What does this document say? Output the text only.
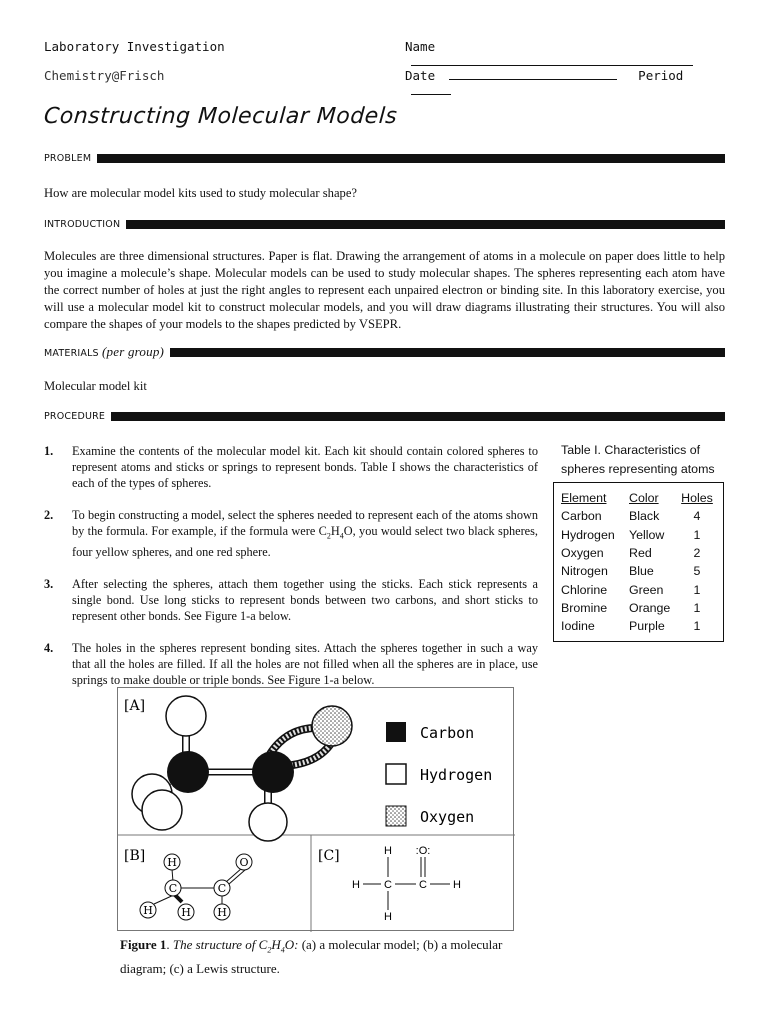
Laboratory Investigation
Chemistry@Frisch
Name
Date	Period
Constructing Molecular Models
PROBLEM
How are molecular model kits used to study molecular shape?
INTRODUCTION
Molecules are three dimensional structures. Paper is flat. Drawing the arrangement of atoms in a molecule on paper does little to help you imagine a molecule’s shape. Molecular models can be used to study molecular shapes. The spheres representing each atom have the correct number of holes at just the right angles to represent each unpaired electron or binding site. In this laboratory exercise, you will use a molecular model kit to construct molecular models, and you will draw diagrams illustrating their structures. You will also compare the shapes of your models to the shapes predicted by VSEPR.
MATERIALS (per group)
Molecular model kit
PROCEDURE
1.	Examine the contents of the molecular model kit. Each kit should contain colored spheres to represent atoms and sticks or springs to represent bonds. Table I shows the characteristics of each of the types of spheres.
2.	To begin constructing a model, select the spheres needed to represent each of the atoms shown by the formula. For example, if the formula were $C_2H_4O$, you would select two black spheres, four yellow spheres, and one red sphere.
3.	After selecting the spheres, attach them together using the sticks. Each stick represents a single bond. Use long sticks to represent bonds between two carbons, and short sticks to represent other bonds. See Figure 1-a below.
4.	The holes in the spheres represent bonding sites. Attach the spheres together in such a way that all the holes are filled. If all the holes are not filled when all the spheres are in place, use springs to make double or triple bonds. See Figure 1-a below.
Table I. Characteristics of spheres representing atoms
Element	Color	Holes
Carbon	Black	4
Hydrogen	Yellow	1
Oxygen	Red	2
Nitrogen	Blue	5
Chlorine	Green	1
Bromine	Orange	1
Iodine	Purple	1
[A]
Carbon
Hydrogen
Oxygen
[B] H
C	C
O
H	H H
[C]	H :O:
H C C H
H
Figure 1. The structure of $C_2H_4O$: (a) a molecular model; (b) a molecular diagram; (c) a Lewis structure.
